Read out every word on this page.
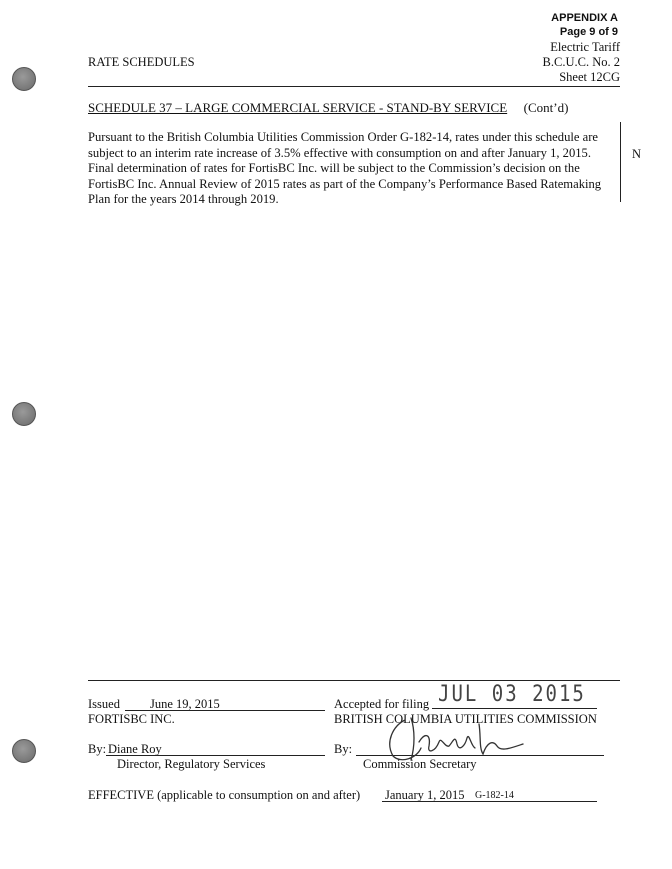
APPENDIX A
Page 9 of 9
Electric Tariff
RATE SCHEDULES	B.C.U.C. No. 2
Sheet 12CG
SCHEDULE 37 – LARGE COMMERCIAL SERVICE - STAND-BY SERVICE (Cont’d)
Pursuant to the British Columbia Utilities Commission Order G-182-14, rates under this schedule are
subject to an interim rate increase of 3.5% effective with consumption on and after January 1, 2015.
Final determination of rates for FortisBC Inc. will be subject to the Commission’s decision on the
FortisBC Inc. Annual Review of 2015 rates as part of the Company’s Performance Based Ratemaking
Plan for the years 2014 through 2019.
N
Issued June 19, 2015	Accepted for filing JUL 03 2015
FORTISBC INC.	BRITISH COLUMBIA UTILITIES COMMISSION
By: Diane Roy	By:
Director, Regulatory Services	Commission Secretary
EFFECTIVE (applicable to consumption on and after) January 1, 2015 G-182-14
